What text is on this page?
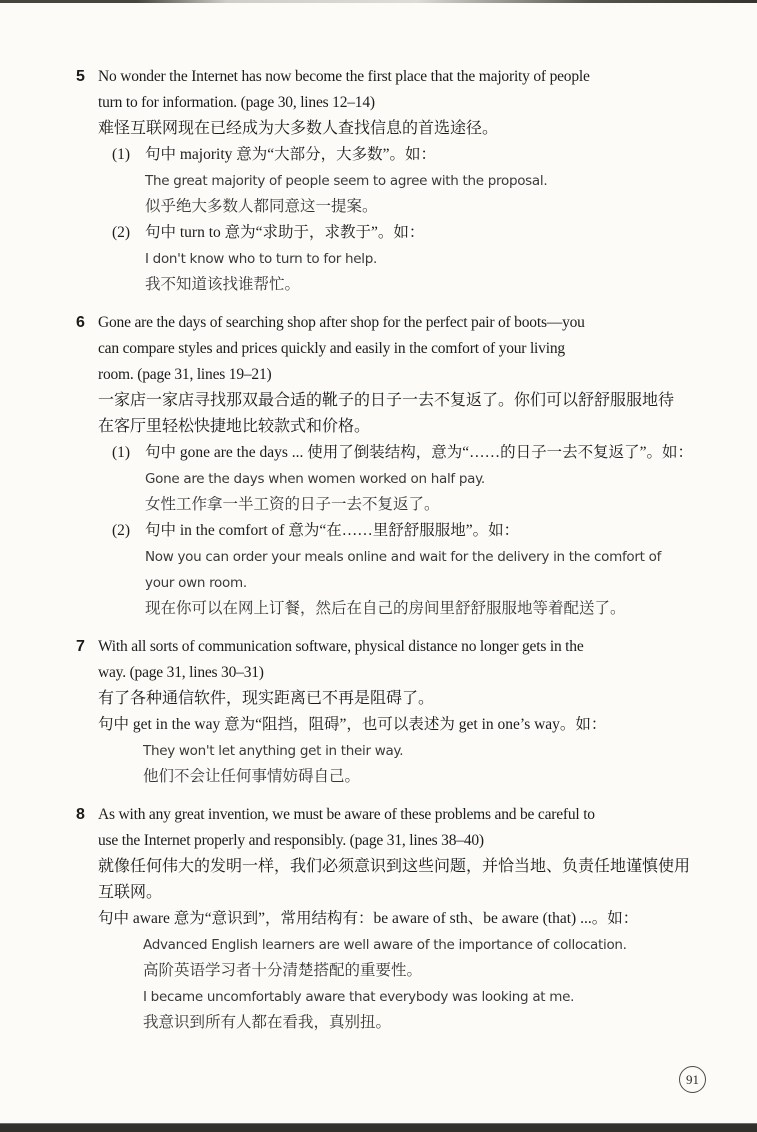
5 No wonder the Internet has now become the first place that the majority of people
turn to for information. (page 30, lines 12–14)
难怪互联网现在已经成为大多数人查找信息的首选途径。
(1) 句中 majority 意为“大部分，大多数”。如：
The great majority of people seem to agree with the proposal.
似乎绝大多数人都同意这一提案。
(2) 句中 turn to 意为“求助于，求教于”。如：
I don't know who to turn to for help.
我不知道该找谁帮忙。
6 Gone are the days of searching shop after shop for the perfect pair of boots—you
can compare styles and prices quickly and easily in the comfort of your living
room. (page 31, lines 19–21)
一家店一家店寻找那双最合适的靴子的日子一去不复返了。你们可以舒舒服服地待
在客厅里轻松快捷地比较款式和价格。
(1) 句中 gone are the days ... 使用了倒装结构，意为“……的日子一去不复返了”。如：
Gone are the days when women worked on half pay.
女性工作拿一半工资的日子一去不复返了。
(2) 句中 in the comfort of 意为“在……里舒舒服服地”。如：
Now you can order your meals online and wait for the delivery in the comfort of
your own room.
现在你可以在网上订餐，然后在自己的房间里舒舒服服地等着配送了。
7 With all sorts of communication software, physical distance no longer gets in the
way. (page 31, lines 30–31)
有了各种通信软件，现实距离已不再是阻碍了。
句中 get in the way 意为“阻挡，阻碍”，也可以表述为 get in one’s way。如：
They won't let anything get in their way.
他们不会让任何事情妨碍自己。
8 As with any great invention, we must be aware of these problems and be careful to
use the Internet properly and responsibly. (page 31, lines 38–40)
就像任何伟大的发明一样，我们必须意识到这些问题，并恰当地、负责任地谨慎使用
互联网。
句中 aware 意为“意识到”，常用结构有：be aware of sth、be aware (that) ...。如：
Advanced English learners are well aware of the importance of collocation.
高阶英语学习者十分清楚搭配的重要性。
I became uncomfortably aware that everybody was looking at me.
我意识到所有人都在看我，真别扭。
91
